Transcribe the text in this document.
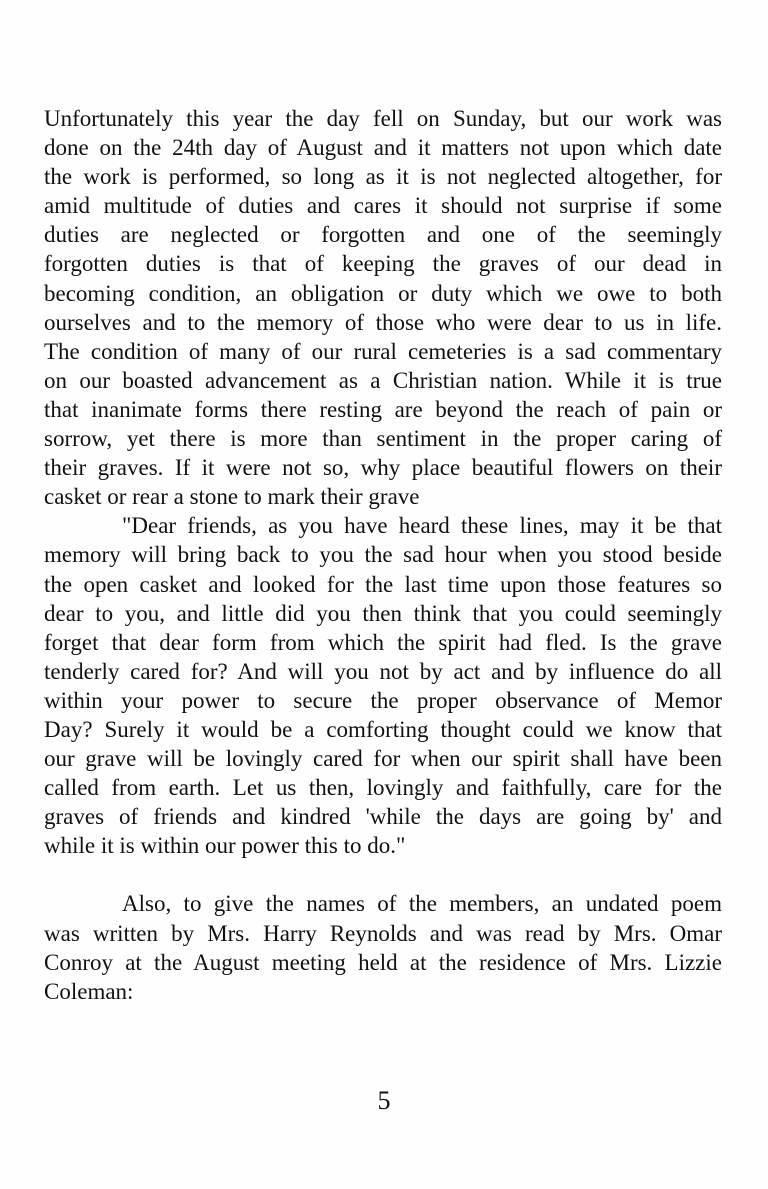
Unfortunately this year the day fell on Sunday, but our work was
done on the 24th day of August and it matters not upon which date
the work is performed, so long as it is not neglected altogether, for
amid multitude of duties and cares it should not surprise if some
duties are neglected or forgotten and one of the seemingly
forgotten duties is that of keeping the graves of our dead in
becoming condition, an obligation or duty which we owe to both
ourselves and to the memory of those who were dear to us in life.
The condition of many of our rural cemeteries is a sad commentary
on our boasted advancement as a Christian nation. While it is true
that inanimate forms there resting are beyond the reach of pain or
sorrow, yet there is more than sentiment in the proper caring of
their graves. If it were not so, why place beautiful flowers on their
casket or rear a stone to mark their grave
"Dear friends, as you have heard these lines, may it be that
memory will bring back to you the sad hour when you stood beside
the open casket and looked for the last time upon those features so
dear to you, and little did you then think that you could seemingly
forget that dear form from which the spirit had fled. Is the grave
tenderly cared for? And will you not by act and by influence do all
within your power to secure the proper observance of Memor
Day? Surely it would be a comforting thought could we know that
our grave will be lovingly cared for when our spirit shall have been
called from earth. Let us then, lovingly and faithfully, care for the
graves of friends and kindred 'while the days are going by' and
while it is within our power this to do."
Also, to give the names of the members, an undated poem
was written by Mrs. Harry Reynolds and was read by Mrs. Omar
Conroy at the August meeting held at the residence of Mrs. Lizzie
Coleman:
5
